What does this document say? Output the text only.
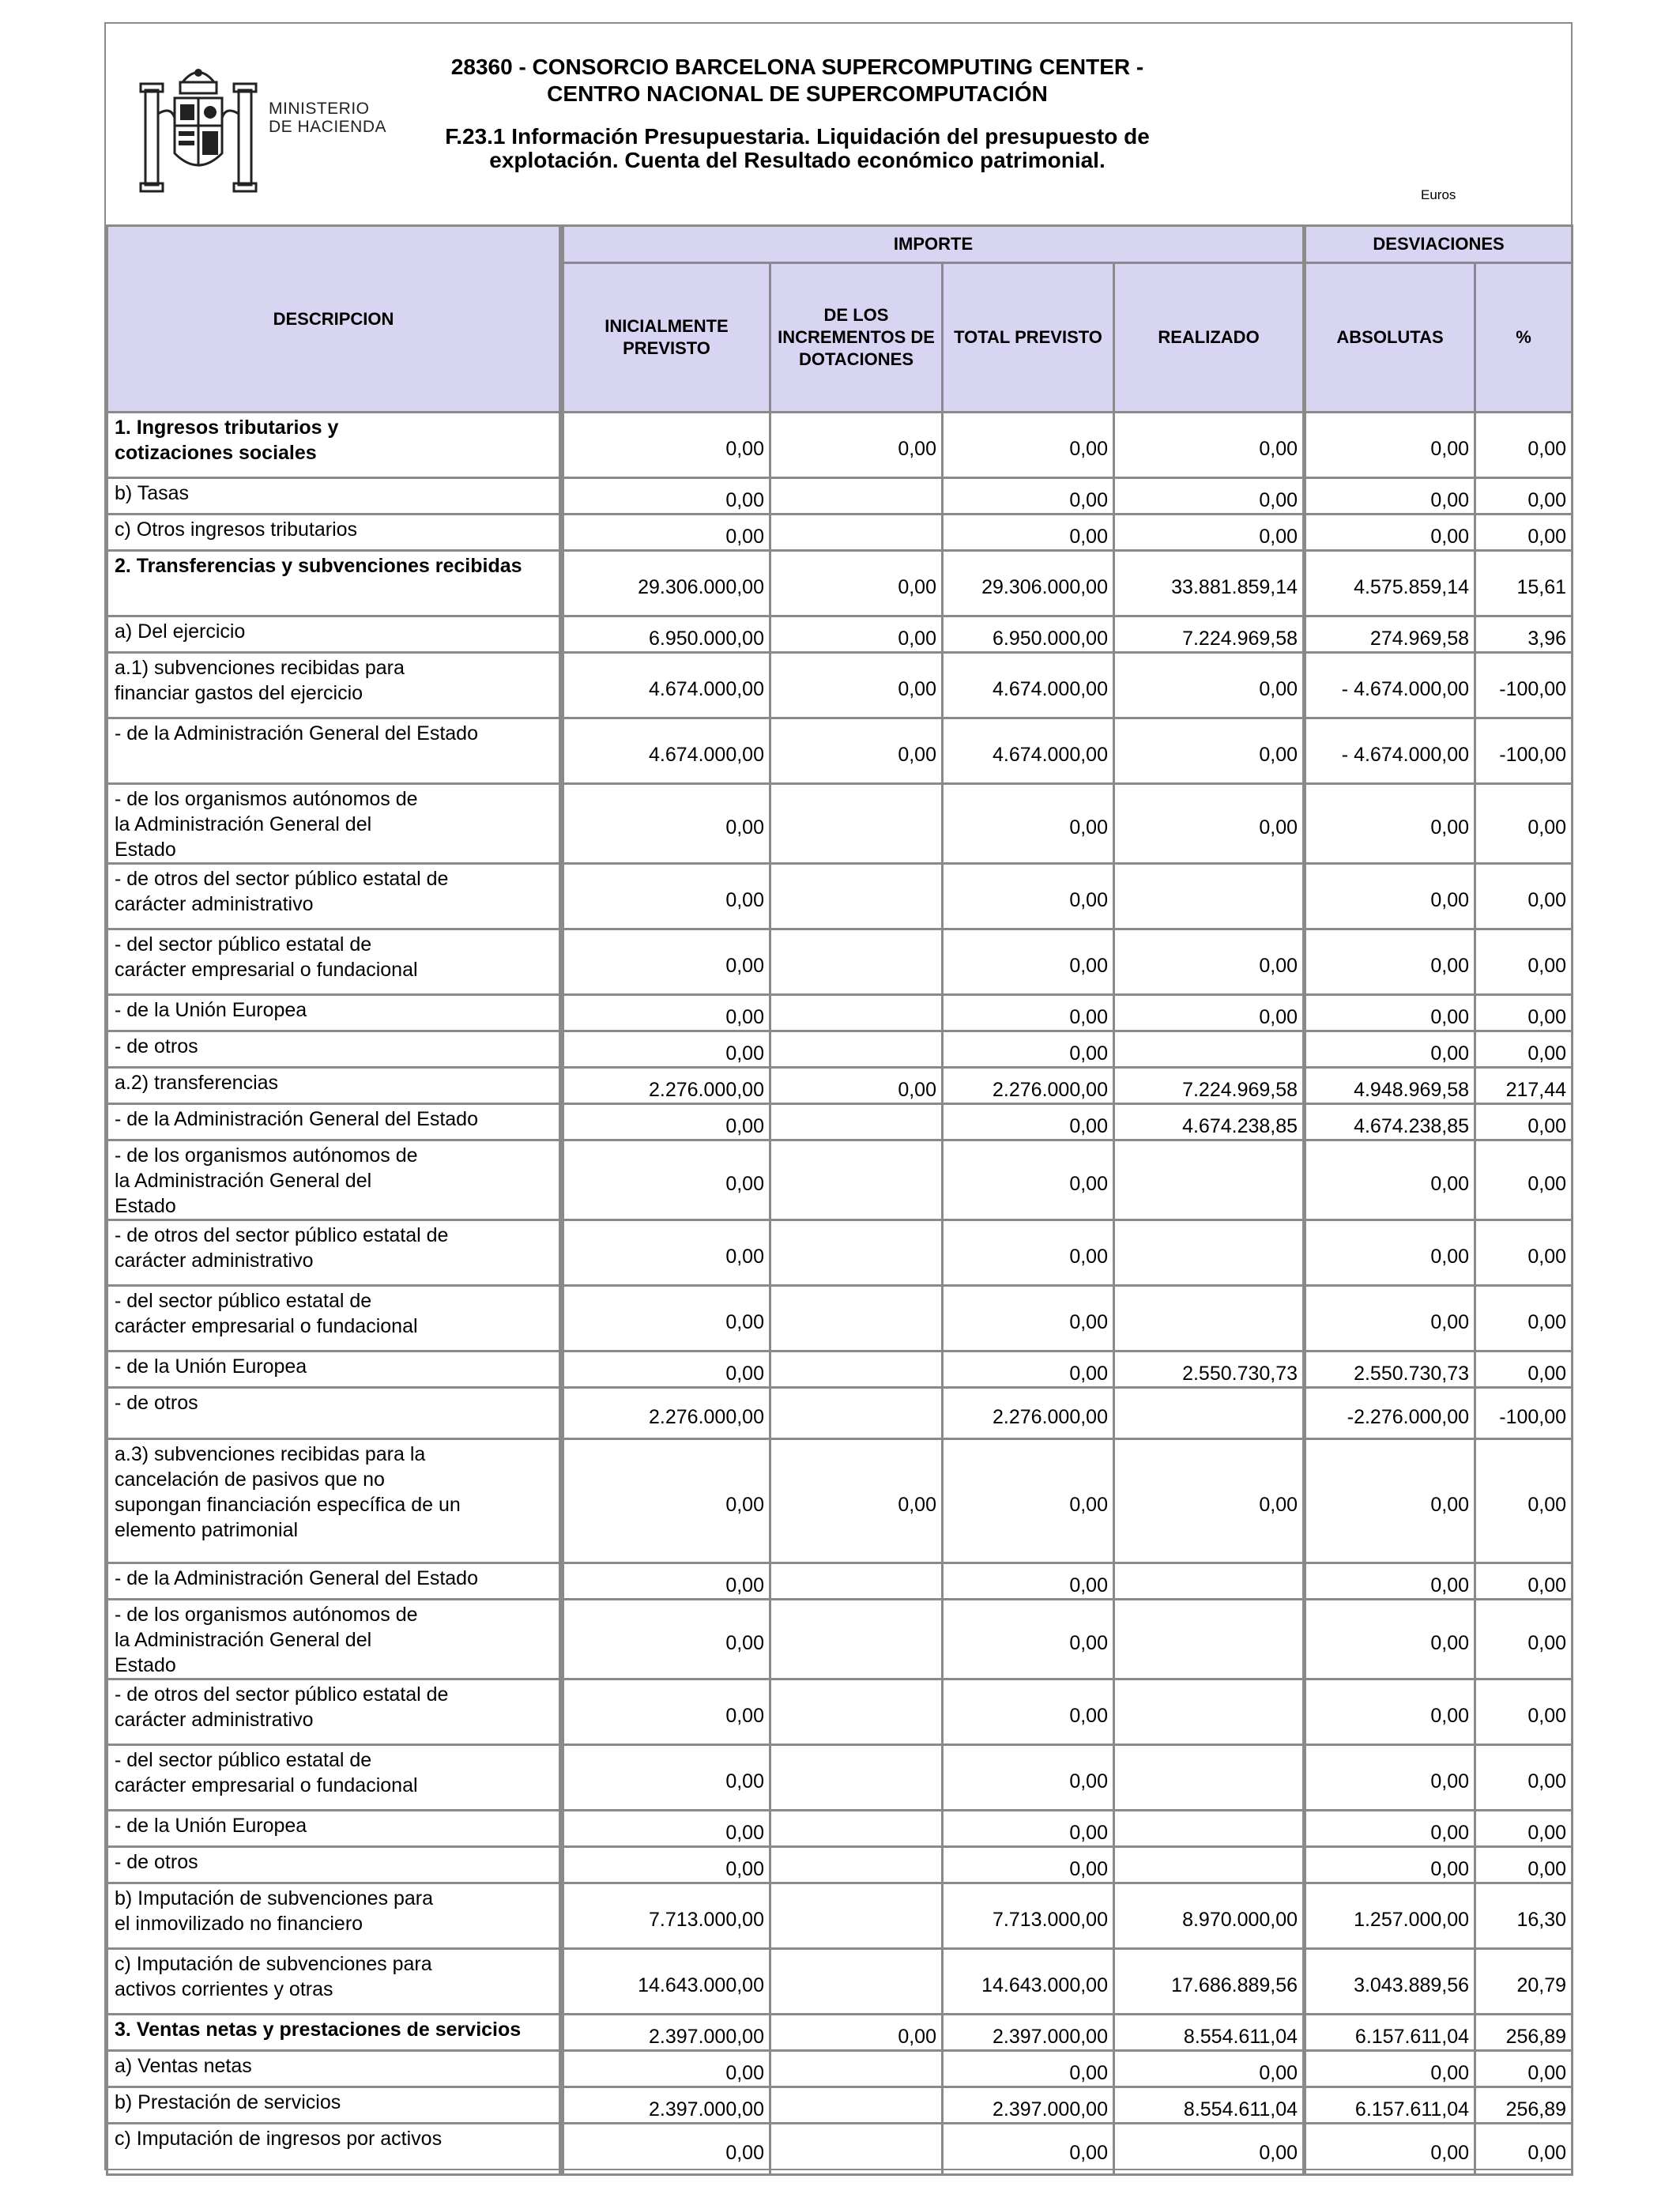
MINISTERIO
DE HACIENDA
28360 - CONSORCIO BARCELONA SUPERCOMPUTING CENTER -
CENTRO NACIONAL DE SUPERCOMPUTACIÓN
F.23.1 Información Presupuestaria. Liquidación del presupuesto de
explotación. Cuenta del Resultado económico patrimonial.
Euros
DESCRIPCION	IMPORTE				DESVIACIONES	
	INICIALMENTE PREVISTO	DE LOS INCREMENTOS DE DOTACIONES	TOTAL PREVISTO	REALIZADO	ABSOLUTAS	%
1. Ingresos tributarios y
cotizaciones sociales	0,00	0,00	0,00	0,00	0,00	0,00
b) Tasas	0,00		0,00	0,00	0,00	0,00
c) Otros ingresos tributarios	0,00		0,00	0,00	0,00	0,00
2. Transferencias y subvenciones recibidas	29.306.000,00	0,00	29.306.000,00	33.881.859,14	4.575.859,14	15,61
a) Del ejercicio	6.950.000,00	0,00	6.950.000,00	7.224.969,58	274.969,58	3,96
a.1) subvenciones recibidas para
financiar gastos del ejercicio	4.674.000,00	0,00	4.674.000,00	0,00	- 4.674.000,00	-100,00
- de la Administración General del Estado	4.674.000,00	0,00	4.674.000,00	0,00	- 4.674.000,00	-100,00
- de los organismos autónomos de
la Administración General del
Estado	0,00		0,00	0,00	0,00	0,00
- de otros del sector público estatal de
carácter administrativo	0,00		0,00		0,00	0,00
- del sector público estatal de
carácter empresarial o fundacional	0,00		0,00	0,00	0,00	0,00
- de la Unión Europea	0,00		0,00	0,00	0,00	0,00
- de otros	0,00		0,00		0,00	0,00
a.2) transferencias	2.276.000,00	0,00	2.276.000,00	7.224.969,58	4.948.969,58	217,44
- de la Administración General del Estado	0,00		0,00	4.674.238,85	4.674.238,85	0,00
- de los organismos autónomos de
la Administración General del
Estado	0,00		0,00		0,00	0,00
- de otros del sector público estatal de
carácter administrativo	0,00		0,00		0,00	0,00
- del sector público estatal de
carácter empresarial o fundacional	0,00		0,00		0,00	0,00
- de la Unión Europea	0,00		0,00	2.550.730,73	2.550.730,73	0,00
- de otros	2.276.000,00		2.276.000,00		-2.276.000,00	-100,00
a.3) subvenciones recibidas para la
cancelación de pasivos que no
supongan financiación específica de un
elemento patrimonial	0,00	0,00	0,00	0,00	0,00	0,00
- de la Administración General del Estado	0,00		0,00		0,00	0,00
- de los organismos autónomos de
la Administración General del
Estado	0,00		0,00		0,00	0,00
- de otros del sector público estatal de
carácter administrativo	0,00		0,00		0,00	0,00
- del sector público estatal de
carácter empresarial o fundacional	0,00		0,00		0,00	0,00
- de la Unión Europea	0,00		0,00		0,00	0,00
- de otros	0,00		0,00		0,00	0,00
b) Imputación de subvenciones para
el inmovilizado no financiero	7.713.000,00		7.713.000,00	8.970.000,00	1.257.000,00	16,30
c) Imputación de subvenciones para
activos corrientes y otras	14.643.000,00		14.643.000,00	17.686.889,56	3.043.889,56	20,79
3. Ventas netas y prestaciones de servicios	2.397.000,00	0,00	2.397.000,00	8.554.611,04	6.157.611,04	256,89
a) Ventas netas	0,00		0,00	0,00	0,00	0,00
b) Prestación de servicios	2.397.000,00		2.397.000,00	8.554.611,04	6.157.611,04	256,89
c) Imputación de ingresos por activos	0,00		0,00	0,00	0,00	0,00
